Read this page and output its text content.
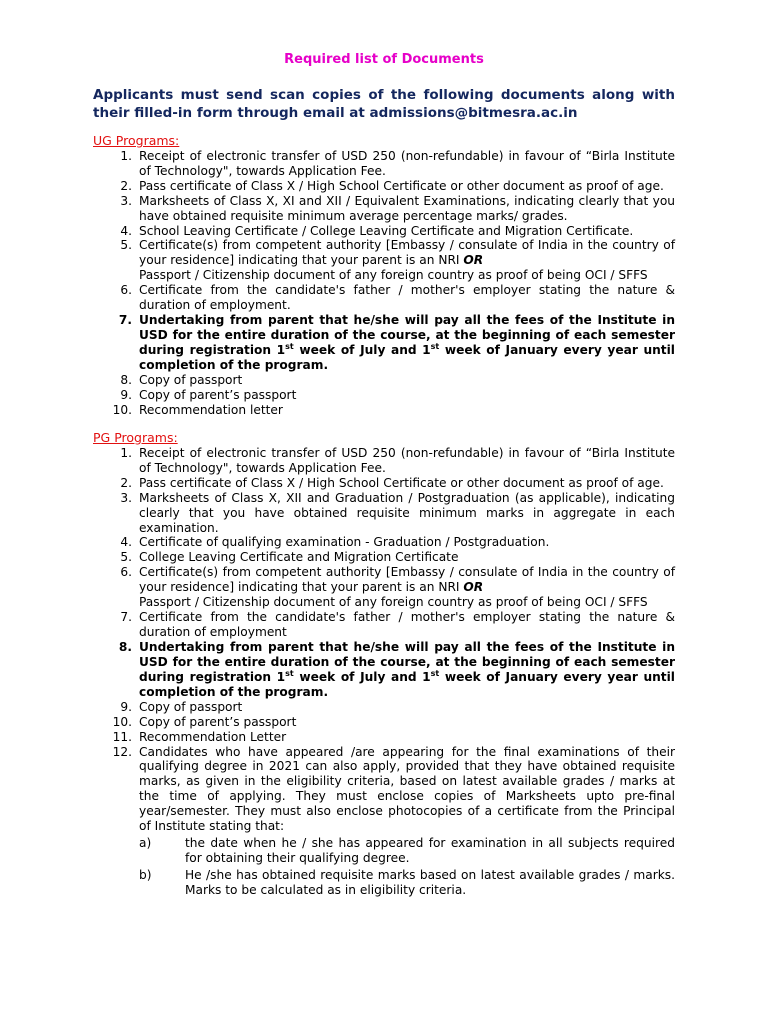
Required list of Documents
Applicants must send scan copies of the following documents along with their filled-in form through email at admissions@bitmesra.ac.in
UG Programs:
1. Receipt of electronic transfer of USD 250 (non-refundable) in favour of “Birla Institute of Technology", towards Application Fee.
2. Pass certificate of Class X / High School Certificate or other document as proof of age.
3. Marksheets of Class X, XI and XII / Equivalent Examinations, indicating clearly that you have obtained requisite minimum average percentage marks/ grades.
4. School Leaving Certificate / College Leaving Certificate and Migration Certificate.
5. Certificate(s) from competent authority [Embassy / consulate of India in the country of your residence] indicating that your parent is an NRI OR
Passport / Citizenship document of any foreign country as proof of being OCI / SFFS
6. Certificate from the candidate's father / mother's employer stating the nature & duration of employment.
7. Undertaking from parent that he/she will pay all the fees of the Institute in USD for the entire duration of the course, at the beginning of each semester during registration 1st week of July and 1st week of January every year until completion of the program.
8. Copy of passport
9. Copy of parent’s passport
10. Recommendation letter
PG Programs:
1. Receipt of electronic transfer of USD 250 (non-refundable) in favour of “Birla Institute of Technology", towards Application Fee.
2. Pass certificate of Class X / High School Certificate or other document as proof of age.
3. Marksheets of Class X, XII and Graduation / Postgraduation (as applicable), indicating clearly that you have obtained requisite minimum marks in aggregate in each examination.
4. Certificate of qualifying examination - Graduation / Postgraduation.
5. College Leaving Certificate and Migration Certificate
6. Certificate(s) from competent authority [Embassy / consulate of India in the country of your residence] indicating that your parent is an NRI OR
Passport / Citizenship document of any foreign country as proof of being OCI / SFFS
7. Certificate from the candidate's father / mother's employer stating the nature & duration of employment
8. Undertaking from parent that he/she will pay all the fees of the Institute in USD for the entire duration of the course, at the beginning of each semester during registration 1st week of July and 1st week of January every year until completion of the program.
9. Copy of passport
10. Copy of parent’s passport
11. Recommendation Letter
12. Candidates who have appeared /are appearing for the final examinations of their qualifying degree in 2021 can also apply, provided that they have obtained requisite marks, as given in the eligibility criteria, based on latest available grades / marks at the time of applying. They must enclose copies of Marksheets upto pre-final year/semester. They must also enclose photocopies of a certificate from the Principal of Institute stating that:
a)	the date when he / she has appeared for examination in all subjects required for obtaining their qualifying degree.
b)	He /she has obtained requisite marks based on latest available grades / marks. Marks to be calculated as in eligibility criteria.
